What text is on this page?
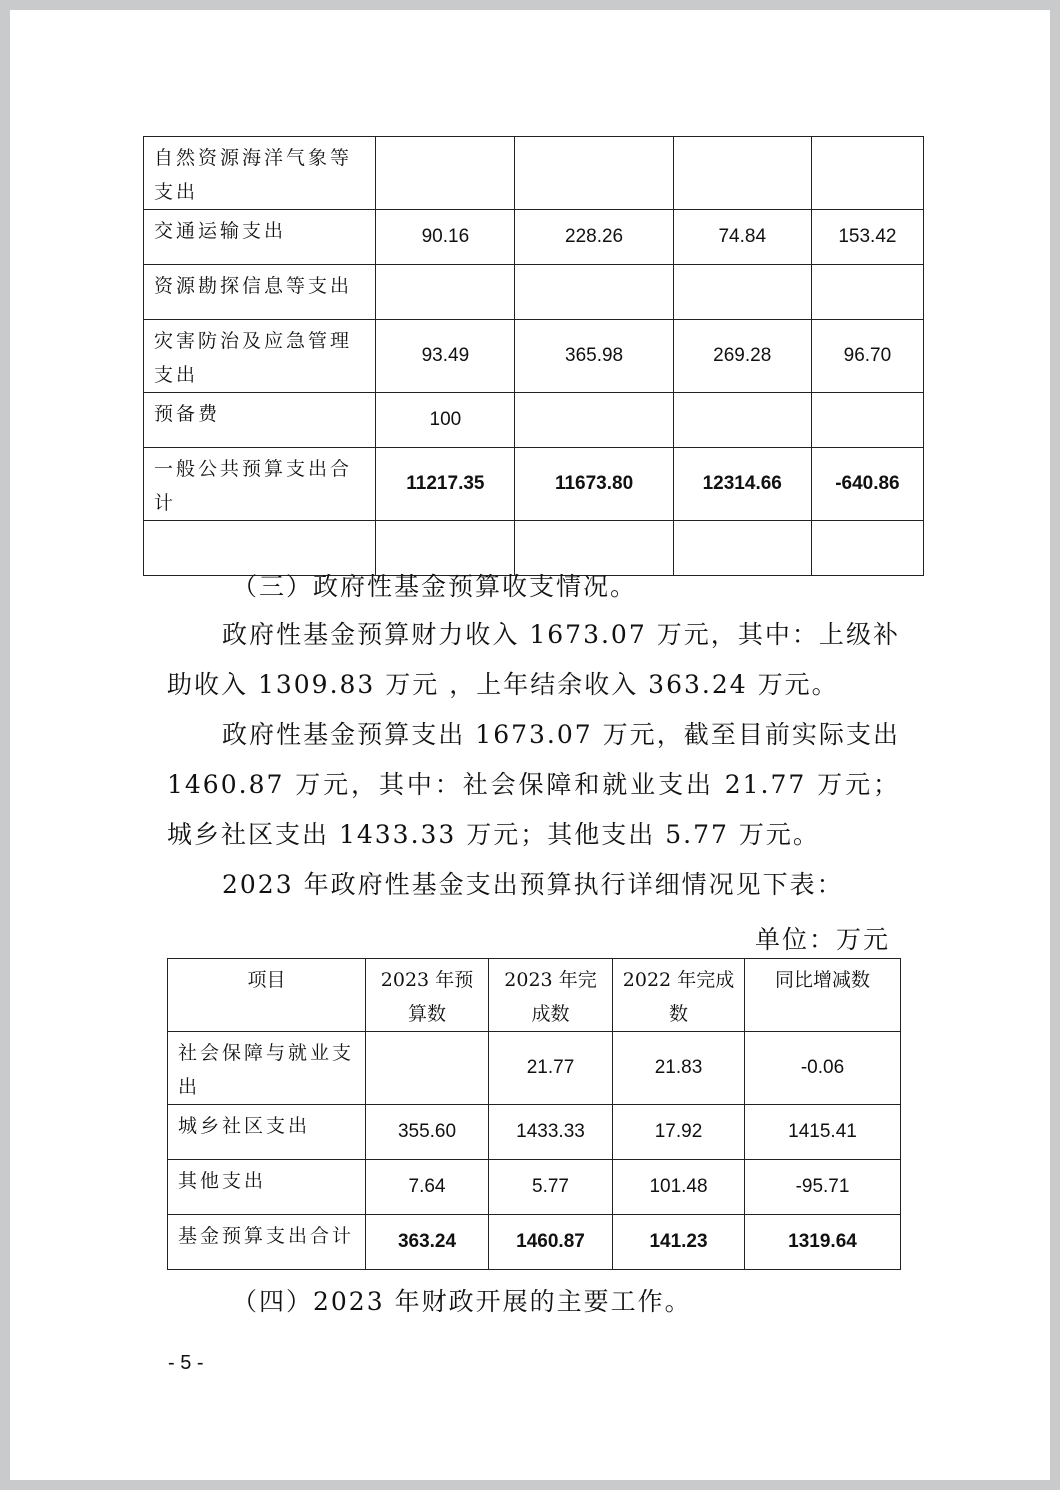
自然资源海洋气象等支出				
交通运输支出	90.16	228.26	74.84	153.42
资源勘探信息等支出				
灾害防治及应急管理支出	93.49	365.98	269.28	96.70
预备费	100			
一般公共预算支出合计	11217.35	11673.80	12314.66	-640.86

（三）政府性基金预算收支情况。

政府性基金预算财力收入 1673.07 万元，其中：上级补助收入 1309.83 万元 ，上年结余收入 363.24 万元。

政府性基金预算支出 1673.07 万元，截至目前实际支出 1460.87 万元，其中：社会保障和就业支出 21.77 万元；城乡社区支出 1433.33 万元；其他支出 5.77 万元。

2023 年政府性基金支出预算执行详细情况见下表：

单位：万元
项目	2023 年预算数	2023 年完成数	2022 年完成数	同比增减数
社会保障与就业支出		21.77	21.83	-0.06
城乡社区支出	355.60	1433.33	17.92	1415.41
其他支出	7.64	5.77	101.48	-95.71
基金预算支出合计	363.24	1460.87	141.23	1319.64

（四）2023 年财政开展的主要工作。

- 5 -
